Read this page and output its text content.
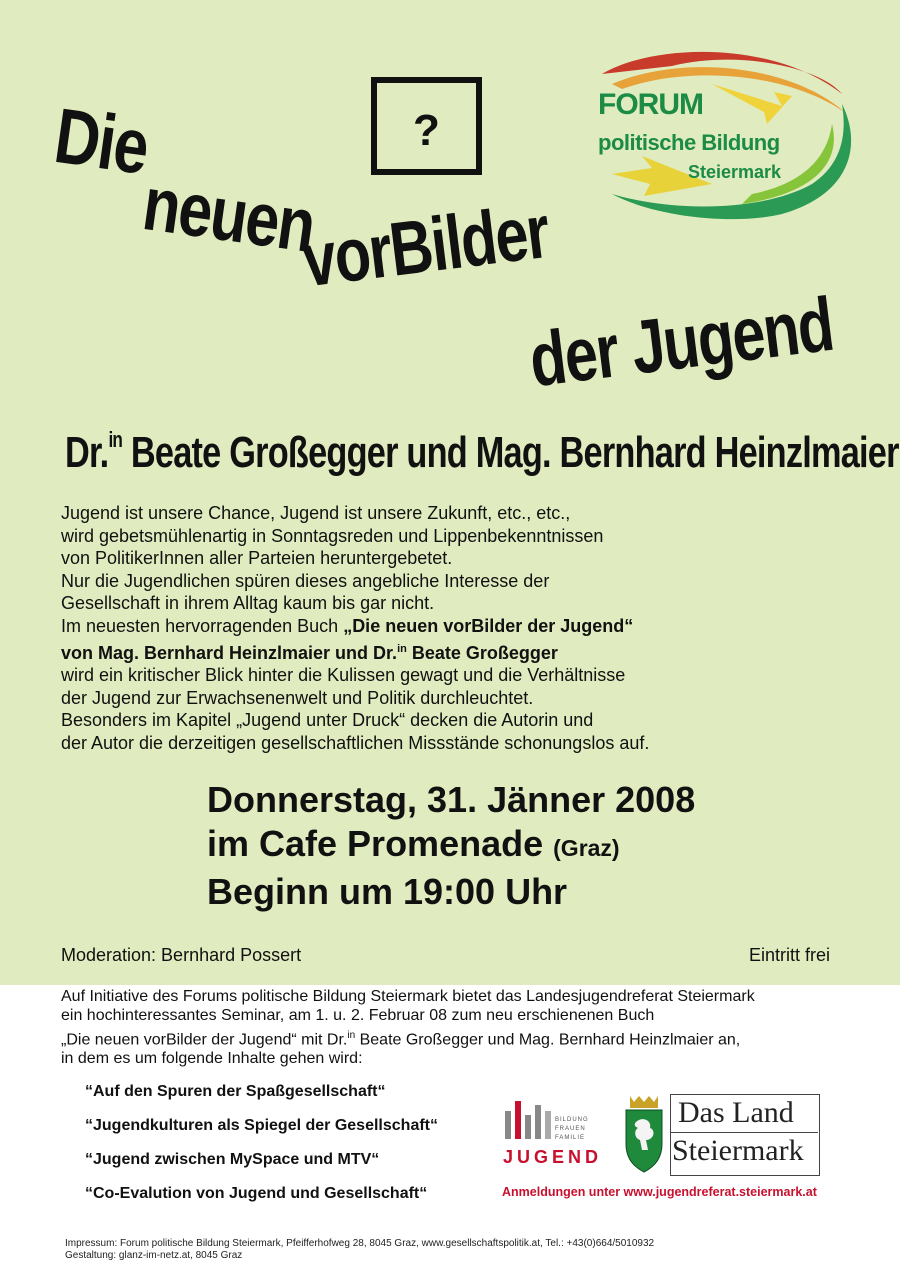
Die
neuen
vorBilder
der Jugend
?
FORUM
politische Bildung
Steiermark
Dr.$^{in}$ Beate Großegger und Mag. Bernhard Heinzlmaier
Jugend ist unsere Chance, Jugend ist unsere Zukunft, etc., etc.,
wird gebetsmühlenartig in Sonntagsreden und Lippenbekenntnissen
von PolitikerInnen aller Parteien heruntergebetet.
Nur die Jugendlichen spüren dieses angebliche Interesse der
Gesellschaft in ihrem Alltag kaum bis gar nicht.
Im neuesten hervorragenden Buch „Die neuen vorBilder der Jugend“
von Mag. Bernhard Heinzlmaier und Dr.$^{in}$ Beate Großegger
wird ein kritischer Blick hinter die Kulissen gewagt und die Verhältnisse
der Jugend zur Erwachsenenwelt und Politik durchleuchtet.
Besonders im Kapitel „Jugend unter Druck“ decken die Autorin und
der Autor die derzeitigen gesellschaftlichen Missstände schonungslos auf.
Donnerstag, 31. Jänner 2008
im Cafe Promenade (Graz)
Beginn um 19:00 Uhr
Moderation: Bernhard Possert	Eintritt frei
Auf Initiative des Forums politische Bildung Steiermark bietet das Landesjugendreferat Steiermark
ein hochinteressantes Seminar, am 1. u. 2. Februar 08 zum neu erschienenen Buch
„Die neuen vorBilder der Jugend“ mit Dr.$^{in}$ Beate Großegger und Mag. Bernhard Heinzlmaier an,
in dem es um folgende Inhalte gehen wird:
“Auf den Spuren der Spaßgesellschaft“
“Jugendkulturen als Spiegel der Gesellschaft“
“Jugend zwischen MySpace und MTV“
“Co-Evalution von Jugend und Gesellschaft“
BILDUNG
FRAUEN
FAMILIE
JUGEND
Das Land
Steiermark
Anmeldungen unter www.jugendreferat.steiermark.at
Impressum: Forum politische Bildung Steiermark, Pfeifferhofweg 28, 8045 Graz, www.gesellschaftspolitik.at, Tel.: +43(0)664/5010932
Gestaltung: glanz-im-netz.at, 8045 Graz
